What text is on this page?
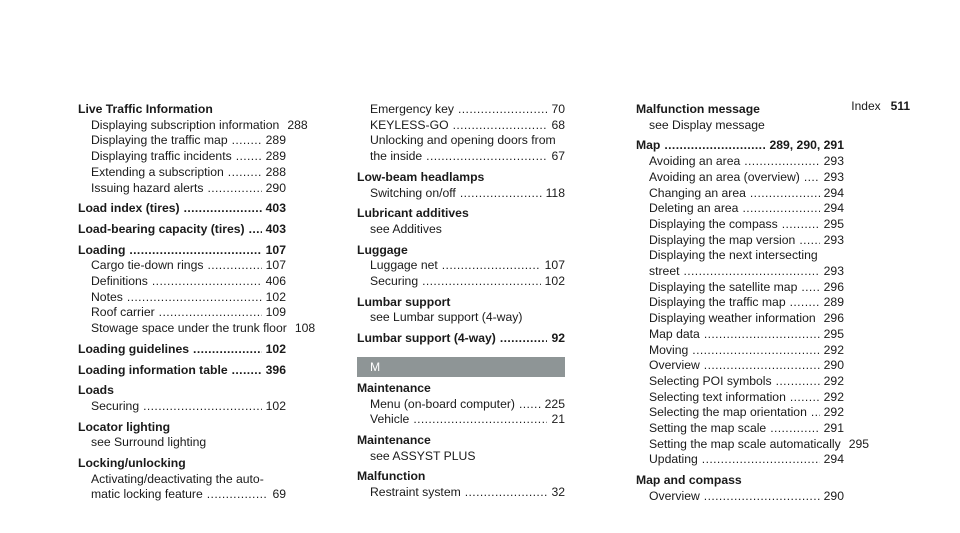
Index 511
Live Traffic Information
Displaying subscription information 288
Displaying the traffic map . . .	289
Displaying traffic incidents . . .	289
Extending a subscription . . .	288
Issuing hazard alerts . . .	290
Load index (tires) . . .	403
Load-bearing capacity (tires) . . . 403
Loading . . .	107
Cargo tie-down rings . . .	107
Definitions . . .	406
Notes . . .	102
Roof carrier . . .	109
Stowage space under the trunk floor 108
Loading guidelines . . .	102
Loading information table . . .	396
Loads
Securing . . .	102
Locator lighting
see Surround lighting
Locking/unlocking
Activating/deactivating the auto-
matic locking feature . . .	69
Emergency key . . .	70
KEYLESS-GO . . .	68
Unlocking and opening doors from
the inside . . .	67
Low-beam headlamps
Switching on/off . . .	118
Lubricant additives
see Additives
Luggage
Luggage net . . .	107
Securing . . .	102
Lumbar support
see Lumbar support (4-way)
Lumbar support (4-way) . . .	92
M
Maintenance
Menu (on-board computer) . . . 225
Vehicle . . .	21
Maintenance
see ASSYST PLUS
Malfunction
Restraint system . . .	32
Malfunction message
see Display message
Map . . .	289, 290, 291
Avoiding an area . . .	293
Avoiding an area (overview) . . . 293
Changing an area . . .	294
Deleting an area . . .	294
Displaying the compass . . .	295
Displaying the map version . . . 293
Displaying the next intersecting
street . . .	293
Displaying the satellite map . . . 296
Displaying the traffic map . . .	289
Displaying weather information 296
Map data . . .	295
Moving . . .	292
Overview . . .	290
Selecting POI symbols . . .	292
Selecting text information . . .	292
Selecting the map orientation . . . 292
Setting the map scale . . .	291
Setting the map scale automatically 295
Updating . . .	294
Map and compass
Overview . . .	290
